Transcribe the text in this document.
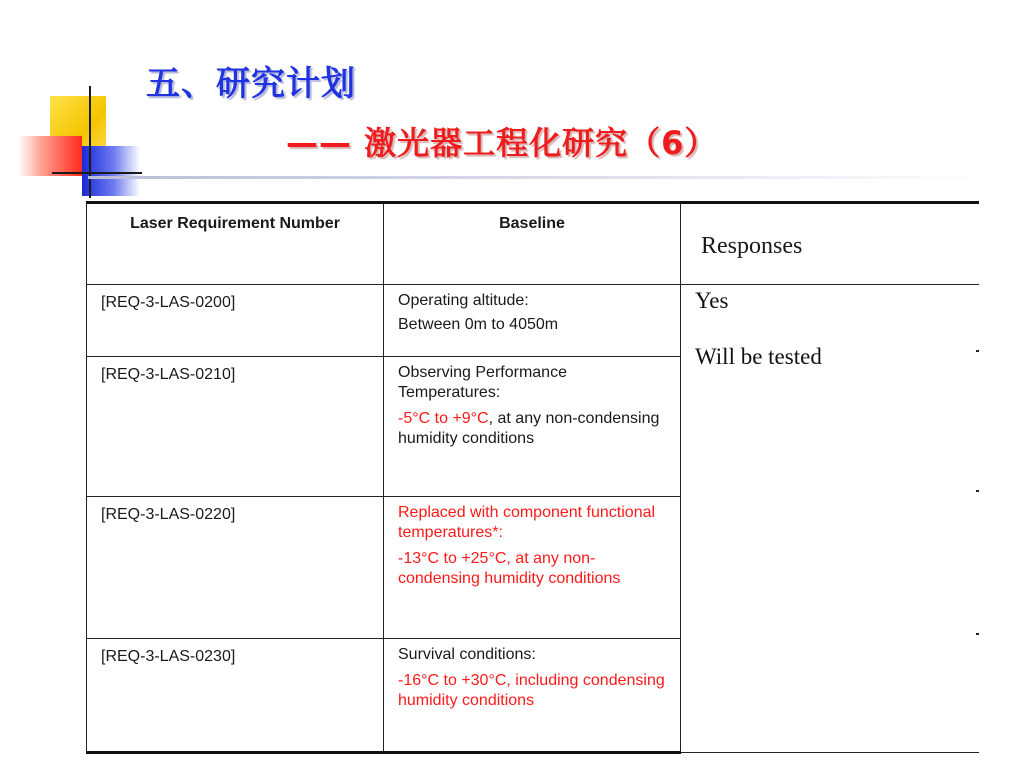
五、研究计划
—— 激光器工程化研究（6）
Laser Requirement Number	Baseline	Responses
[REQ-3-LAS-0200]	Operating altitude:
Between 0m to 4050m	Yes
Will be tested

[REQ-3-LAS-0210]	Observing Performance Temperatures:
-5°C to +9°C, at any non-condensing humidity conditions	

[REQ-3-LAS-0220]	Replaced with component functional temperatures*:
-13°C to +25°C, at any non-condensing humidity conditions	

[REQ-3-LAS-0230]	Survival conditions:
-16°C to +30°C, including condensing humidity conditions	
